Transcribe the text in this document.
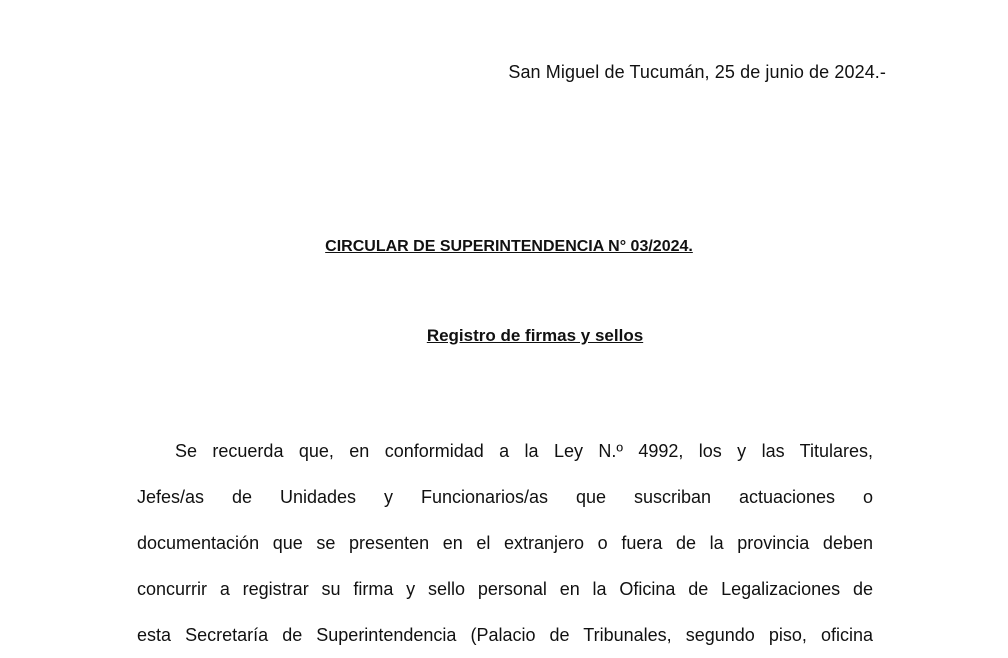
San Miguel de Tucumán, 25 de junio de 2024.-
CIRCULAR DE SUPERINTENDENCIA N° 03/2024.
Registro de firmas y sellos
Se recuerda que, en conformidad a la Ley N.º 4992, los y las Titulares,
Jefes/as de Unidades y Funcionarios/as que suscriban actuaciones o
documentación que se presenten en el extranjero o fuera de la provincia deben
concurrir a registrar su firma y sello personal en la Oficina de Legalizaciones de
esta Secretaría de Superintendencia (Palacio de Tribunales, segundo piso, oficina
